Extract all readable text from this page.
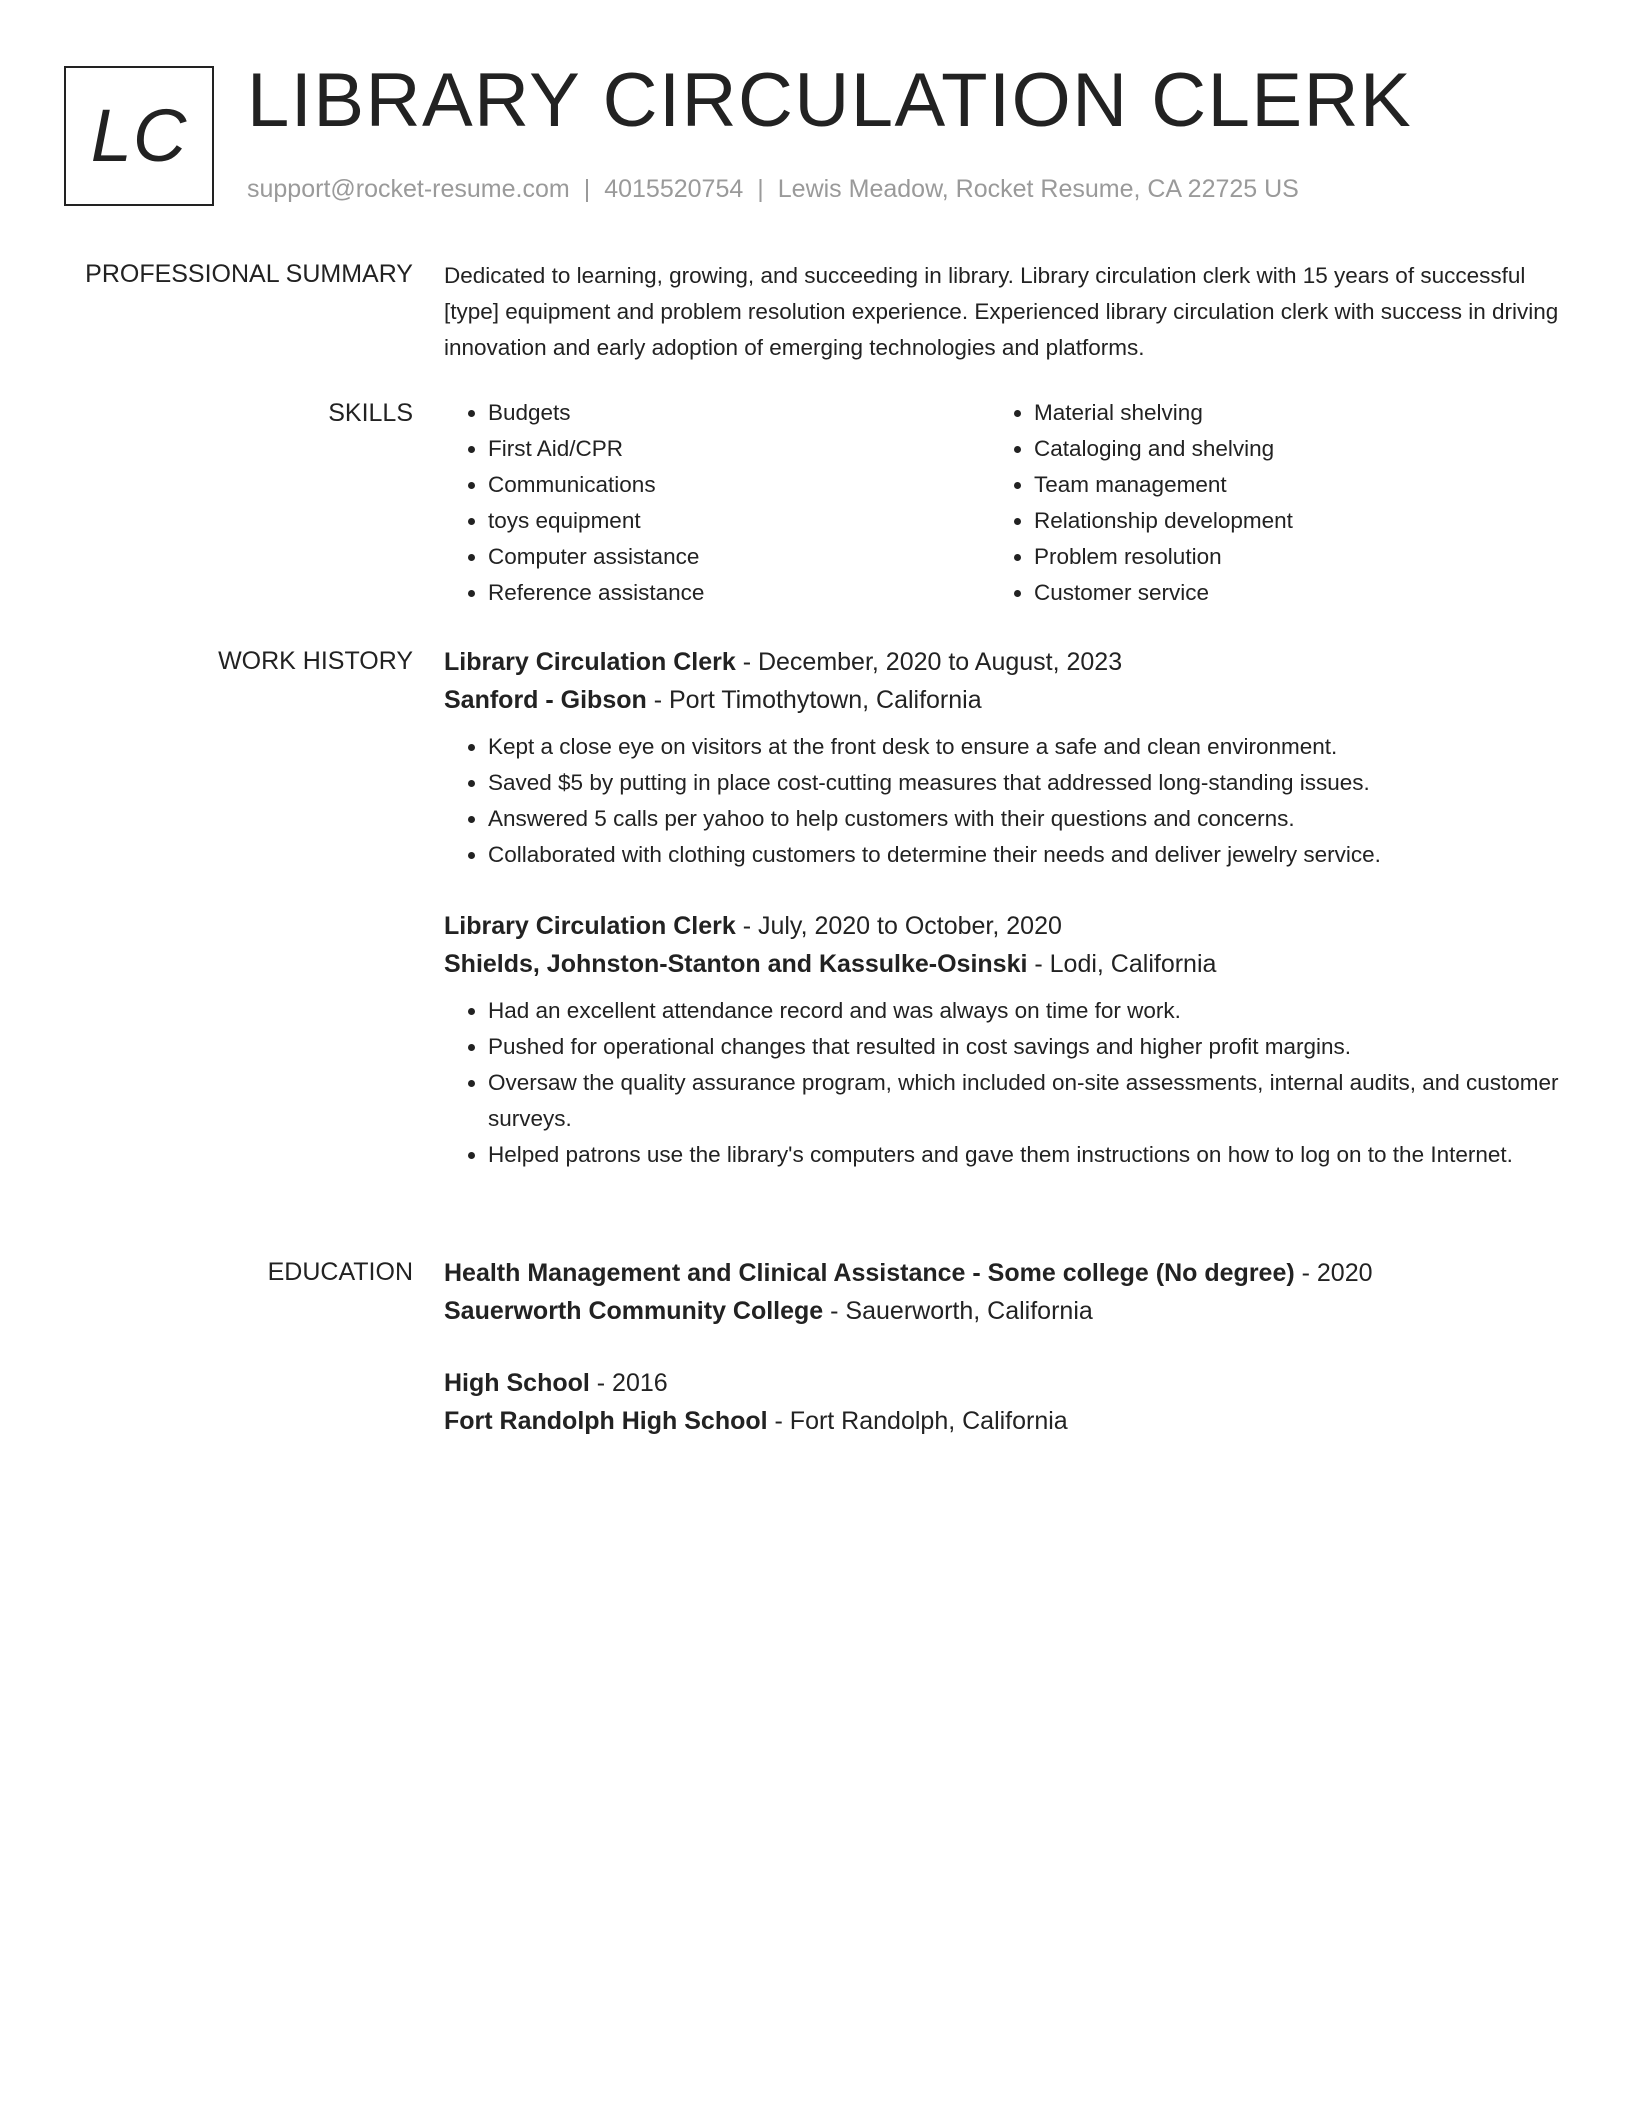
LC LIBRARY CIRCULATION CLERK
support@rocket-resume.com | 4015520754 | Lewis Meadow, Rocket Resume, CA 22725 US
PROFESSIONAL SUMMARY Dedicated to learning, growing, and succeeding in library. Library circulation clerk with 15 years of successful [type] equipment and problem resolution experience. Experienced library circulation clerk with success in driving innovation and early adoption of emerging technologies and platforms.

SKILLS
•	Budgets
• First Aid/CPR
• Communications
• toys equipment
• Computer assistance
• Reference assistance
• Material shelving
• Cataloging and shelving
• Team management
• Relationship development
• Problem resolution
• Customer service
WORK HISTORY Library Circulation Clerk - December, 2020 to August, 2023
Sanford - Gibson - Port Timothytown, California
• Kept a close eye on visitors at the front desk to ensure a safe and clean environment.
• Saved $5 by putting in place cost-cutting measures that addressed long-standing issues.
• Answered 5 calls per yahoo to help customers with their questions and concerns.
• Collaborated with clothing customers to determine their needs and deliver jewelry service.
Library Circulation Clerk - July, 2020 to October, 2020
Shields, Johnston-Stanton and Kassulke-Osinski - Lodi, California
• Had an excellent attendance record and was always on time for work.
• Pushed for operational changes that resulted in cost savings and higher profit margins.
• Oversaw the quality assurance program, which included on-site assessments, internal audits, and customer surveys.
• Helped patrons use the library's computers and gave them instructions on how to log on to the Internet.
EDUCATION Health Management and Clinical Assistance - Some college (No degree) - 2020
Sauerworth Community College - Sauerworth, California
High School - 2016
Fort Randolph High School - Fort Randolph, California
